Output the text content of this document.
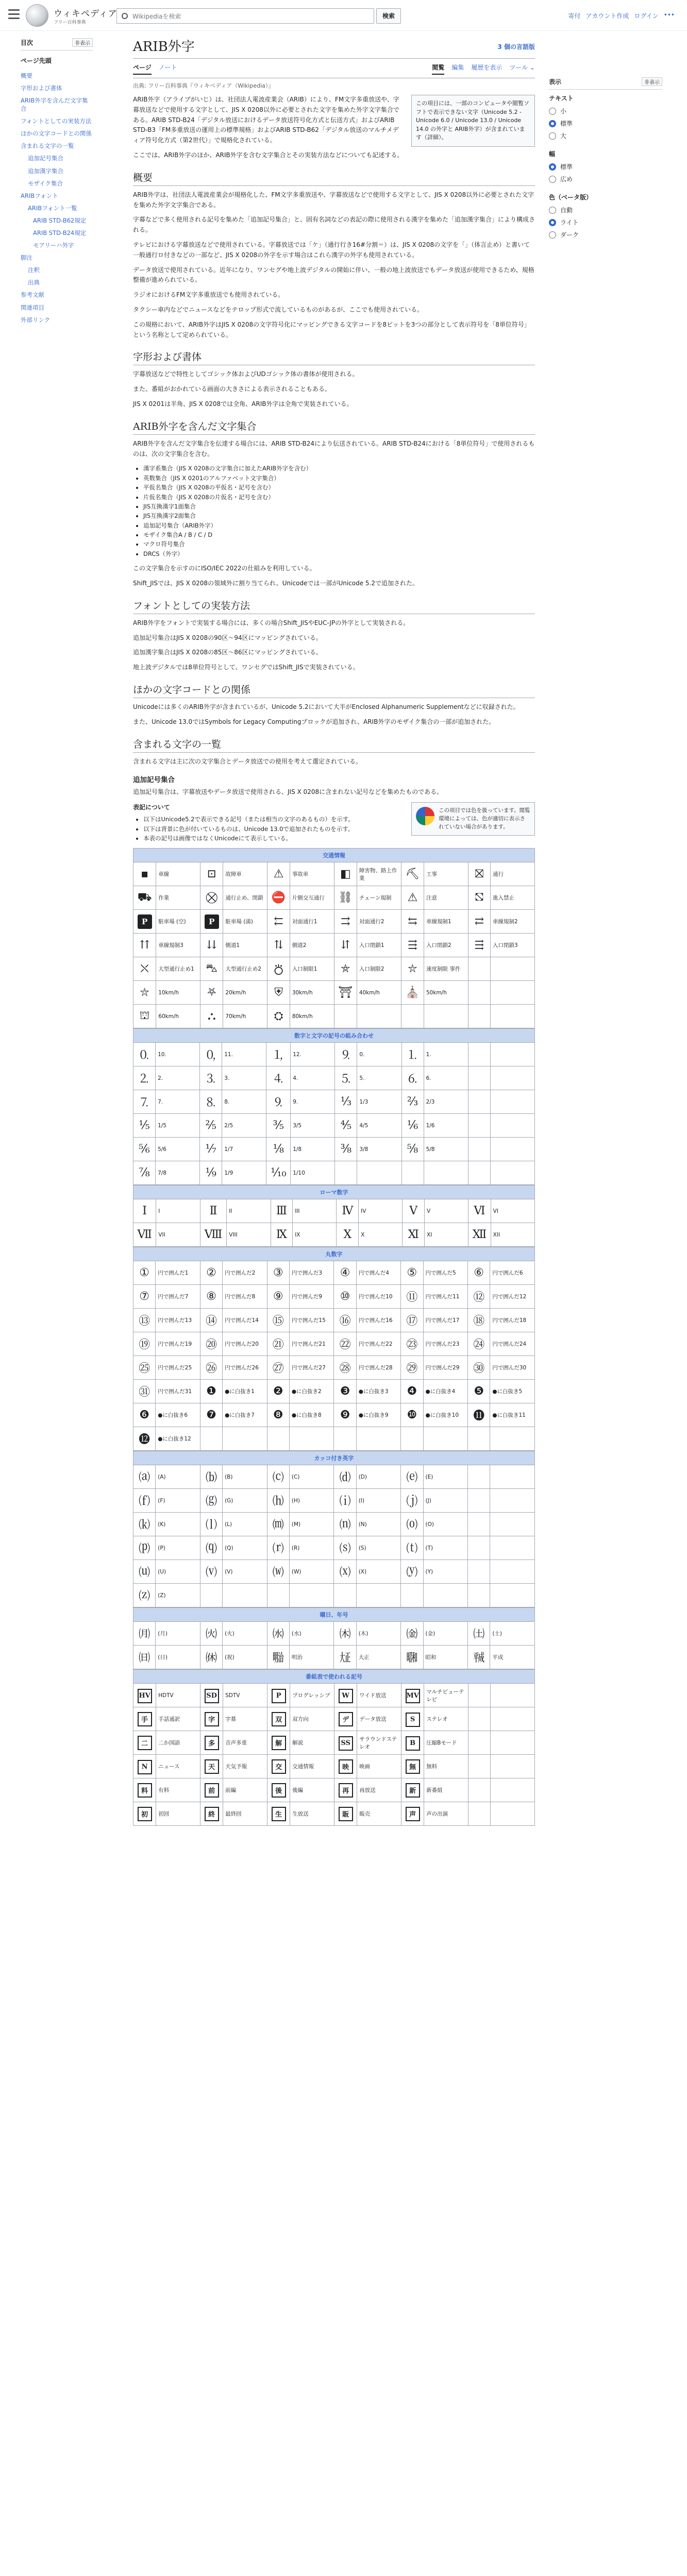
ウィキペディア
フリー百科事典
Wikipediaを検索	検索	寄付 アカウント作成 ログイン •••
目次	非表示
ページ先頭
概要
字形および書体
ARIB外字を含んだ文字集合
フォントとしての実装方法
ほかの文字コードとの関係
含まれる文字の一覧
追加記号集合
追加漢字集合
モザイク集合
ARIBフォント
ARIBフォント一覧
ARIB STD-B62規定
ARIB STD-B24規定
モアリーハ外字
脚注
注釈
出典
参考文献
関連項目
外部リンク
ARIB外字	3 個の言語版
ページ ノート	閲覧 編集 履歴を表示 ツール ⌄
出典: フリー百科事典『ウィキペディア（Wikipedia）』
この項目には、一部のコンピュータや閲覧ソフトで表示できない文字（Unicode 5.2 - Unicode 6.0 / Unicode 13.0 / Unicode 14.0 の外字と ARIB外字）が含まれています（詳細）。

ARIB外字（アライブがいじ）は、社団法人電波産業会（ARIB）により、FM文字多重放送や、字幕放送などで使用する文字として、JIS X 0208以外に必要とされた文字を集めた外字文字集合である。ARIB STD-B24「デジタル放送におけるデータ放送符号化方式と伝送方式」およびARIB STD-B3「FM多重放送の運用上の標準規格」およびARIB STD-B62「デジタル放送のマルチメディア符号化方式（第2世代）」で規格化されている。

ここでは、ARIB外字のほか、ARIB外字を含む文字集合とその実装方法などについても記述する。

概要

ARIB外字は、社団法人電波産業会が規格化した、FM文字多重放送や、字幕放送などで使用する文字として、JIS X 0208以外に必要とされた文字を集めた外字文字集合である。

字幕などで多く使用される記号を集めた「追加記号集合」と、固有名詞などの表記の際に使用される漢字を集めた「追加漢字集合」により構成される。

テレビにおける字幕放送などで使用されている。字幕放送では「ケ」（通行行き16#分割＝）は、JIS X 0208の文字を「」（体言止め）と書いて一般通行ロ付きなどの一部など、JIS X 0208の外字を示す場合はこれら漢字の外字も使用されている。

データ放送で使用されている。近年になり、ワンセグや地上波デジタルの開始に伴い、一般の地上波放送でもデータ放送が使用できるため、規格整備が進められている。

ラジオにおけるFM文字多重放送でも使用されている。

タクシー車内などでニュースなどをテロップ形式で流しているものがあるが、ここでも使用されている。

この規格において、ARIB外字はJIS X 0208の文字符号化にマッピングできる文字コードを8ビットを3つの部分として表示符号を「8単位符号」という名称として定められている。

字形および書体

字幕放送などで特性としてゴシック体およびUDゴシック体の書体が使用される。

また、番組がおかれている画面の大きさによる表示されることもある。

JIS X 0201は半角、JIS X 0208では全角、ARIB外字は全角で実装されている。

ARIB外字を含んだ文字集合

ARIB外字を含んだ文字集合を伝達する場合には、ARIB STD-B24により伝送されている。ARIB STD-B24における「8単位符号」で使用されるものは、次の文字集合を含む。

• 漢字系集合（JIS X 0208の文字集合に加えたARIB外字を含む）
• 英数集合（JIS X 0201のアルファベット文字集合）
• 平仮名集合（JIS X 0208の平仮名・記号を含む）
• 片仮名集合（JIS X 0208の片仮名・記号を含む）
• JIS互換漢字1面集合
• JIS互換漢字2面集合
• 追加記号集合（ARIB外字）
• モザイク集合A / B / C / D
• マクロ符号集合
• DRCS（外字）

この文字集合を示すのにISO/IEC 2022の仕組みを利用している。

Shift_JISでは、JIS X 0208の領域外に割り当てられ、Unicodeでは一部がUnicode 5.2で追加された。

フォントとしての実装方法

ARIB外字をフォントで実装する場合には、多くの場合Shift_JISやEUC-JPの外字として実装される。

追加記号集合はJIS X 0208の90区〜94区にマッピングされている。

追加漢字集合はJIS X 0208の85区〜86区にマッピングされている。

地上波デジタルでは8単位符号として、ワンセグではShift_JISで実装されている。

ほかの文字コードとの関係

Unicodeには多くのARIB外字が含まれているが、Unicode 5.2において大半がEnclosed Alphanumeric Supplementなどに収録された。

また、Unicode 13.0ではSymbols for Legacy Computingブロックが追加され、ARIB外字のモザイク集合の一部が追加された。

含まれる文字の一覧

含まれる文字は主に次の文字集合とデータ放送での使用を考えて選定されている。

追加記号集合

追加記号集合は、字幕放送やデータ放送で使用される、JIS X 0208に含まれない記号などを集めたものである。

この項目では色を扱っています。閲覧環境によっては、色が適切に表示されていない場合があります。
表記について
• 以下はUnicode5.2で表示できる記号（または相当の文字のあるもの）を示す。
• 以下は背景に色が付いているものは、Unicode 13.0で追加されたものを示す。
• 本表の記号は画像ではなくUnicodeにて表示している。
交通情報											
▪	車線	⊡	故障車	⚠	事故車	◧	障害物、路上作業	⛏	工事	⛝	通行
⛟	作業	⛒	通行止め、閉鎖	⛔	片側交互通行	⛓	チェーン規制	⚠	注意	⛞	進入禁止
P	駐車場 (空)	P	駐車場 (満)	⇇	対面通行1	⇉	対面通行2	⇆	車線規制1	⇄	車線規制2
⇈	車線規制3	⇊	側道1	⇅	側道2	⇵	入口閉鎖1	⇶	入口閉鎖2	⇶	入口閉鎖3
⛌	大型通行止め1	⛍	大型通行止め2	⛣	入口制限1	⛤	入口制限2	⛥	速度制限 事件		
⛦	10km/h	⛧	20km/h	⛨	30km/h	⛩	40km/h	⛪	50km/h		
⛫	60km/h	⛬	70km/h	⛭	80km/h						
数字と文字の記号の組み合わせ											
🄀	10.	🄁	11.	🄂	12.	⒐	0.	⒈	1.		
⒉	2.	⒊	3.	⒋	4.	⒌	5.	⒍	6.		
⒎	7.	⒏	8.	⒐	9.	⅓	1/3	⅔	2/3		
⅕	1/5	⅖	2/5	⅗	3/5	⅘	4/5	⅙	1/6		
⅚	5/6	⅐	1/7	⅛	1/8	⅜	3/8	⅝	5/8		
⅞	7/8	⅑	1/9	⅒	1/10						
ローマ数字											
Ⅰ	I	Ⅱ	II	Ⅲ	III	Ⅳ	IV	Ⅴ	V	Ⅵ	VI
Ⅶ	VII	Ⅷ	VIII	Ⅸ	IX	Ⅹ	X	Ⅺ	XI	Ⅻ	XII
丸数字											
①	円で囲んだ1	②	円で囲んだ2	③	円で囲んだ3	④	円で囲んだ4	⑤	円で囲んだ5	⑥	円で囲んだ6
⑦	円で囲んだ7	⑧	円で囲んだ8	⑨	円で囲んだ9	⑩	円で囲んだ10	⑪	円で囲んだ11	⑫	円で囲んだ12
⑬	円で囲んだ13	⑭	円で囲んだ14	⑮	円で囲んだ15	⑯	円で囲んだ16	⑰	円で囲んだ17	⑱	円で囲んだ18
⑲	円で囲んだ19	⑳	円で囲んだ20	㉑	円で囲んだ21	㉒	円で囲んだ22	㉓	円で囲んだ23	㉔	円で囲んだ24
㉕	円で囲んだ25	㉖	円で囲んだ26	㉗	円で囲んだ27	㉘	円で囲んだ28	㉙	円で囲んだ29	㉚	円で囲んだ30
㉛	円で囲んだ31	❶	●に白抜き1	❷	●に白抜き2	❸	●に白抜き3	❹	●に白抜き4	❺	●に白抜き5
❻	●に白抜き6	❼	●に白抜き7	❽	●に白抜き8	❾	●に白抜き9	❿	●に白抜き10	⓫	●に白抜き11
⓬	●に白抜き12										
カッコ付き英字											
⒜	(A)	⒝	(B)	⒞	(C)	⒟	(D)	⒠	(E)		
⒡	(F)	⒢	(G)	⒣	(H)	⒤	(I)	⒥	(J)		
⒦	(K)	⒧	(L)	⒨	(M)	⒩	(N)	⒪	(O)		
⒫	(P)	⒬	(Q)	⒭	(R)	⒮	(S)	⒯	(T)		
⒰	(U)	⒱	(V)	⒲	(W)	⒳	(X)	⒴	(Y)		
⒵	(Z)										
曜日、年号											
㈪	(月)	㈫	(火)	㈬	(水)	㈭	(木)	㈮	(金)	㈯	(土)
㈰	(日)	㉁	(祝)	㍾	明治	㍽	大正	㍼	昭和	㍻	平成
番組表で使われる記号											
HV	HDTV	SD	SDTV	P	プログレッシブ	W	ワイド放送	MV	マルチビューテレビ		
手	手話通訳	字	字幕	双	双方向	デ	データ放送	S	ステレオ		
二	二か国語	多	音声多重	解	解説	SS	サラウンドステレオ	B	圧縮Bモード		
N	ニュース	天	天気予報	交	交通情報	映	映画	無	無料		
料	有料	前	前編	後	後編	再	再放送	新	新番組		
初	初回	終	最終回	生	生放送	販	販売	声	声の出演		
表示	非表示
テキスト
小
標準
大
幅
標準
広め
色（ベータ版）
自動
ライト
ダーク
